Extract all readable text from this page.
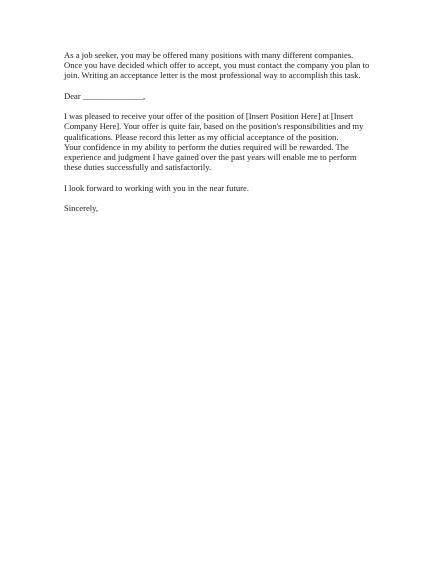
As a job seeker, you may be offered many positions with many different companies.
Once you have decided which offer to accept, you must contact the company you plan to
join. Writing an acceptance letter is the most professional way to accomplish this task.

Dear ______________,

I was pleased to receive your offer of the position of [Insert Position Here] at [Insert
Company Here]. Your offer is quite fair, based on the position's responsibilities and my
qualifications. Please record this letter as my official acceptance of the position.
Your confidence in my ability to perform the duties required will be rewarded. The
experience and judgment I have gained over the past years will enable me to perform
these duties successfully and satisfactorily.

I look forward to working with you in the near future.

Sincerely,
